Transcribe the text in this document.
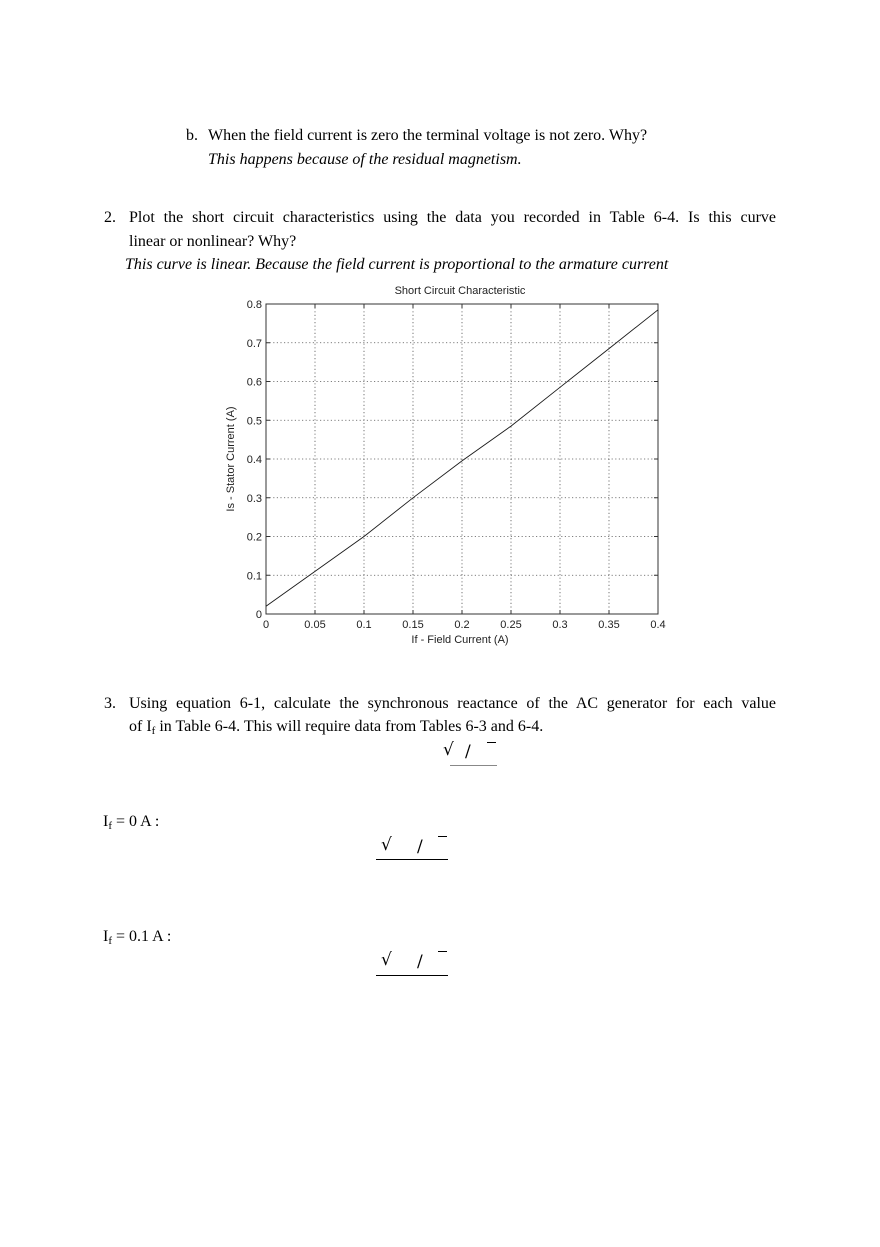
b. When the field current is zero the terminal voltage is not zero. Why?
This happens because of the residual magnetism.
2. Plot the short circuit characteristics using the data you recorded in Table 6-4. Is this curve
linear or nonlinear? Why?
This curve is linear. Because the field current is proportional to the armature current
Short Circuit Characteristic
0	0.05	0.1	0.15	0.2	0.25	0.3	0.35	0.4
0
0.1
0.2
0.3
0.4
0.5
0.6
0.7
0.8
If - Field Current (A)
Is - Stator Current (A)
3. Using equation 6-1, calculate the synchronous reactance of the AC generator for each value
of $I_f$ in Table 6-4. This will require data from Tables 6-3 and 6-4.
√ /
$I_f = 0$ A :
√ /
$I_f = 0.1$ A :
√ /
